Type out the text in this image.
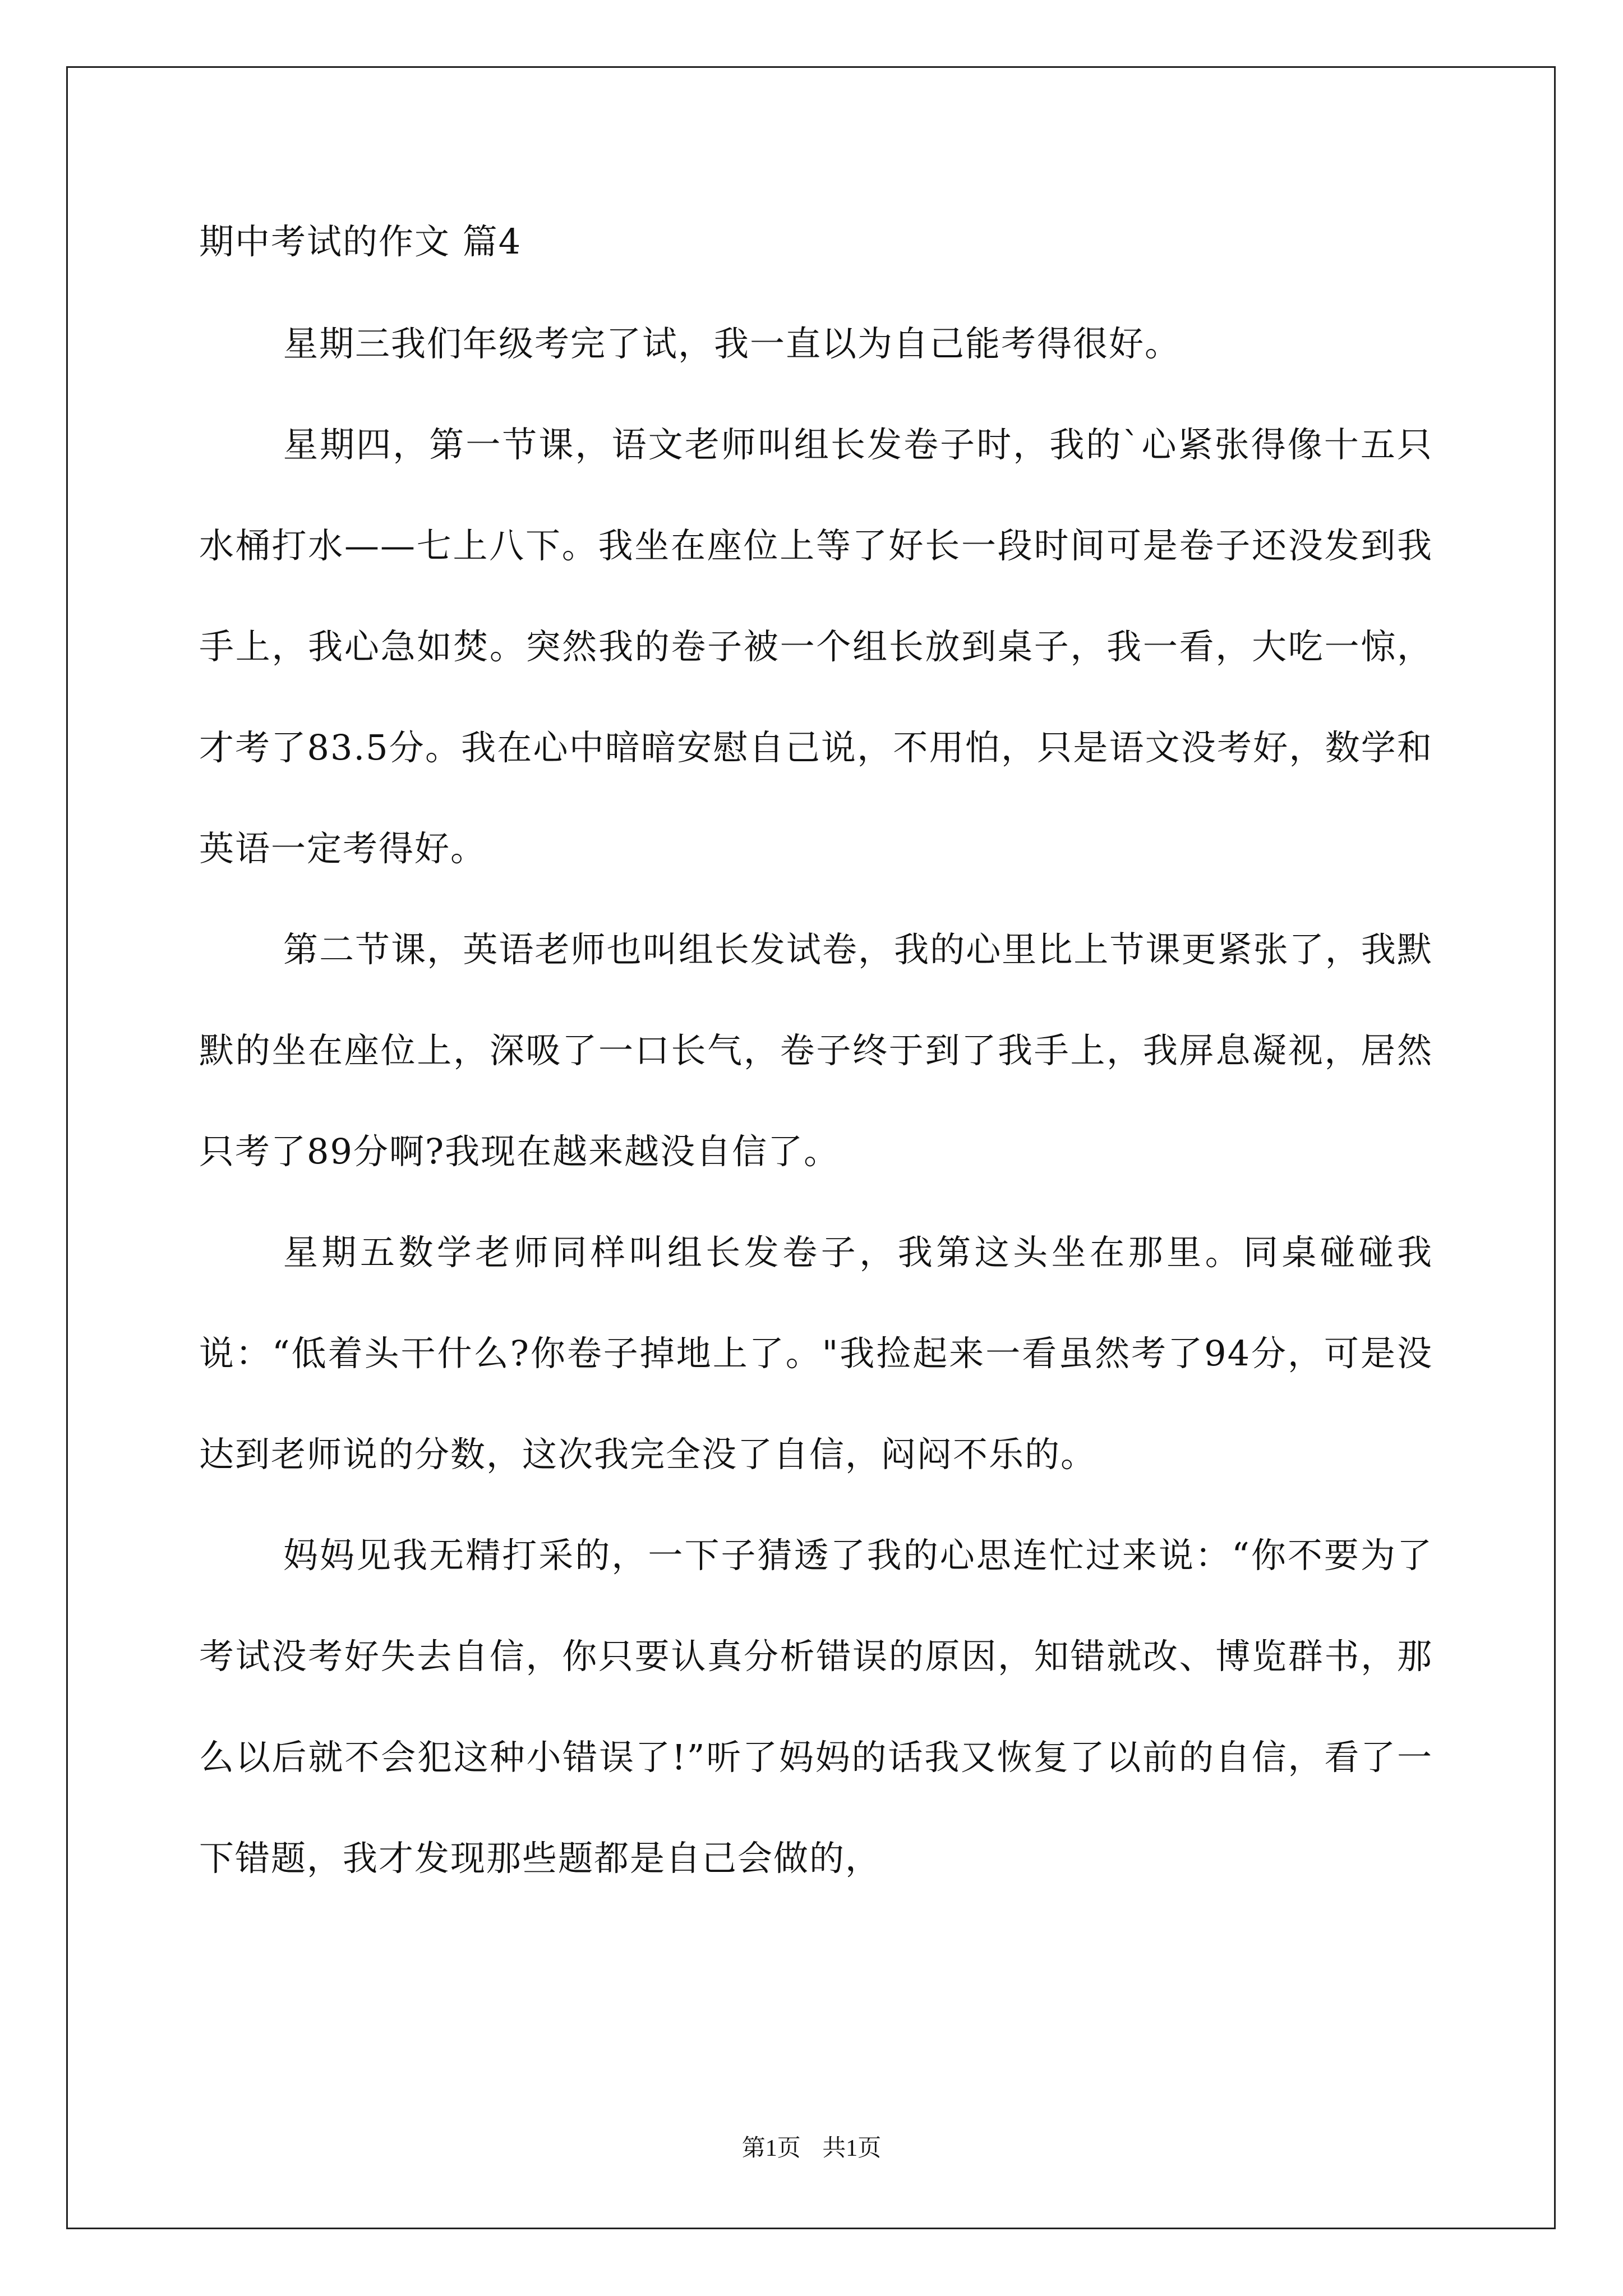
期中考试的作文 篇4

星期三我们年级考完了试，我一直以为自己能考得很好。

星期四，第一节课，语文老师叫组长发卷子时，我的`心紧张得像十五只水桶打水——七上八下。我坐在座位上等了好长一段时间可是卷子还没发到我手上，我心急如焚。突然我的卷子被一个组长放到桌子，我一看，大吃一惊，才考了83.5分。我在心中暗暗安慰自己说，不用怕，只是语文没考好，数学和英语一定考得好。

第二节课，英语老师也叫组长发试卷，我的心里比上节课更紧张了，我默默的坐在座位上，深吸了一口长气，卷子终于到了我手上，我屏息凝视，居然只考了89分啊?我现在越来越没自信了。

星期五数学老师同样叫组长发卷子，我第这头坐在那里。同桌碰碰我说：“低着头干什么?你卷子掉地上了。"我捡起来一看虽然考了94分，可是没达到老师说的分数，这次我完全没了自信，闷闷不乐的。

妈妈见我无精打采的，一下子猜透了我的心思连忙过来说：“你不要为了考试没考好失去自信，你只要认真分析错误的原因，知错就改、博览群书，那么以后就不会犯这种小错误了!”听了妈妈的话我又恢复了以前的自信，看了一下错题，我才发现那些题都是自己会做的，

第1页 共1页
